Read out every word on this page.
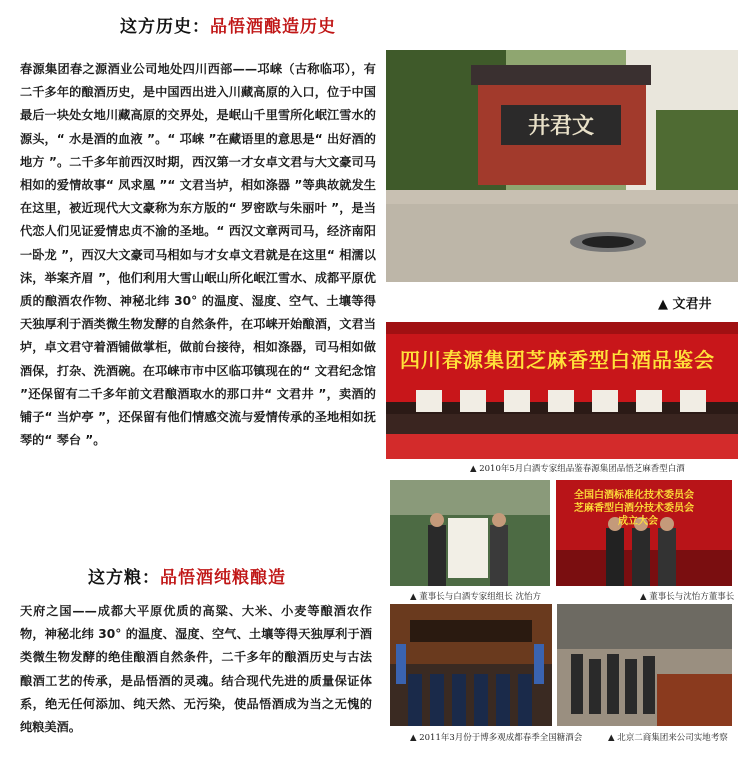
这方历史：品悟酒酿造历史
春源集团春之源酒业公司地处四川西部——邛崃（古称临邛），有二千多年的酿酒历史，是中国西出进入川藏高原的入口，位于中国最后一块处女地川藏高原的交界处，是岷山千里雪所化岷江雪水的源头，“ 水是酒的血液 ”。“ 邛崃 ”在藏语里的意思是“ 出好酒的地方 ”。二千多年前西汉时期，西汉第一才女卓文君与大文豪司马相如的爱情故事“ 凤求凰 ”“ 文君当垆，相如涤器 ”等典故就发生在这里，被近现代大文豪称为东方版的“ 罗密欧与朱丽叶 ”，是当代恋人们见证爱情忠贞不渝的圣地。“ 西汉文章两司马，经济南阳一卧龙 ”，西汉大文豪司马相如与才女卓文君就是在这里“ 相濡以沫，举案齐眉 ”，他们利用大雪山岷山所化岷江雪水、成都平原优质的酿酒农作物、神秘北纬 30° 的温度、湿度、空气、土壤等得天独厚利于酒类微生物发酵的自然条件，在邛崃开始酿酒，文君当垆，卓文君守着酒铺做掌柜，做前台接待，相如涤器，司马相如做酒保，打杂、洗酒碗。在邛崃市市中区临邛镇现在的“ 文君纪念馆 ”还保留有二千多年前文君酿酒取水的那口井“ 文君井 ”，卖酒的铺子“ 当炉亭 ”，还保留有他们情感交流与爱情传承的圣地相如抚琴的“ 琴台 ”。
井君文
▲ 文君井
四川春源集团芝麻香型白酒品鉴会
▲ 2010年5月白酒专家组品鉴春源集团品悟芝麻香型白酒
▲ 董事长与白酒专家组组长 沈怡方
全国白酒标准化技术委员会
芝麻香型白酒分技术委员会
成立大会
▲ 董事长与沈怡方董事长
这方粮：品悟酒纯粮酿造
天府之国——成都大平原优质的高粱、大米、小麦等酿酒农作物，神秘北纬 30° 的温度、湿度、空气、土壤等得天独厚利于酒类微生物发酵的绝佳酿酒自然条件，二千多年的酿酒历史与古法酿酒工艺的传承，是品悟酒的灵魂。结合现代先进的质量保证体系，绝无任何添加、纯天然、无污染，使品悟酒成为当之无愧的纯粮美酒。
▲ 2011年3月份于博多观成都春季全国糖酒会	▲ 北京二商集团来公司实地考察
